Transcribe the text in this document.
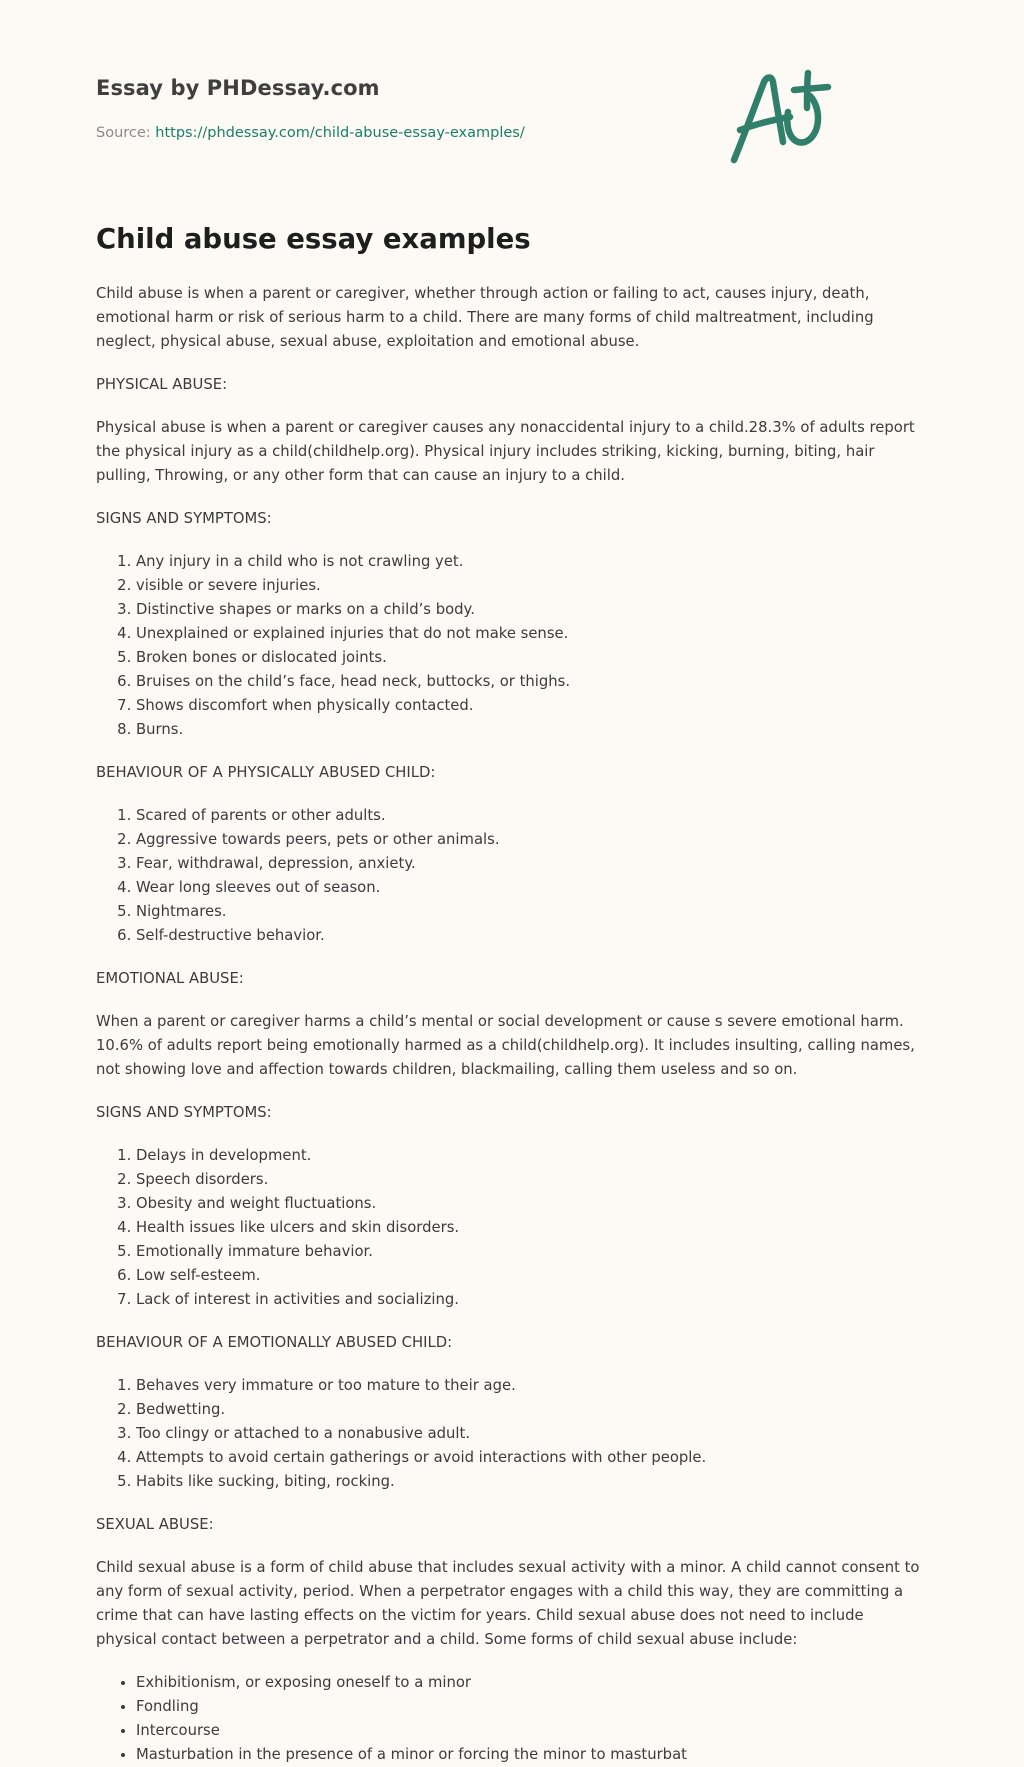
Essay by PHDessay.com
Source: https://phdessay.com/child-abuse-essay-examples/
Child abuse essay examples

Child abuse is when a parent or caregiver, whether through action or failing to act, causes injury, death, emotional harm or risk of serious harm to a child. There are many forms of child maltreatment, including neglect, physical abuse, sexual abuse, exploitation and emotional abuse.

PHYSICAL ABUSE:

Physical abuse is when a parent or caregiver causes any nonaccidental injury to a child.28.3% of adults report the physical injury as a child(childhelp.org). Physical injury includes striking, kicking, burning, biting, hair pulling, Throwing, or any other form that can cause an injury to a child.

SIGNS AND SYMPTOMS:

1. Any injury in a child who is not crawling yet.
2. visible or severe injuries.
3. Distinctive shapes or marks on a child’s body.
4. Unexplained or explained injuries that do not make sense.
5. Broken bones or dislocated joints.
6. Bruises on the child’s face, head neck, buttocks, or thighs.
7. Shows discomfort when physically contacted.
8. Burns.

BEHAVIOUR OF A PHYSICALLY ABUSED CHILD:

1. Scared of parents or other adults.
2. Aggressive towards peers, pets or other animals.
3. Fear, withdrawal, depression, anxiety.
4. Wear long sleeves out of season.
5. Nightmares.
6. Self-destructive behavior.

EMOTIONAL ABUSE:

When a parent or caregiver harms a child’s mental or social development or cause s severe emotional harm. 10.6% of adults report being emotionally harmed as a child(childhelp.org). It includes insulting, calling names, not showing love and affection towards children, blackmailing, calling them useless and so on.

SIGNS AND SYMPTOMS:

1. Delays in development.
2. Speech disorders.
3. Obesity and weight fluctuations.
4. Health issues like ulcers and skin disorders.
5. Emotionally immature behavior.
6. Low self-esteem.
7. Lack of interest in activities and socializing.

BEHAVIOUR OF A EMOTIONALLY ABUSED CHILD:

1. Behaves very immature or too mature to their age.
2. Bedwetting.
3. Too clingy or attached to a nonabusive adult.
4. Attempts to avoid certain gatherings or avoid interactions with other people.
5. Habits like sucking, biting, rocking.

SEXUAL ABUSE:

Child sexual abuse is a form of child abuse that includes sexual activity with a minor. A child cannot consent to any form of sexual activity, period. When a perpetrator engages with a child this way, they are committing a crime that can have lasting effects on the victim for years. Child sexual abuse does not need to include physical contact between a perpetrator and a child. Some forms of child sexual abuse include:

• Exhibitionism, or exposing oneself to a minor
• Fondling
• Intercourse
• Masturbation in the presence of a minor or forcing the minor to masturbat
